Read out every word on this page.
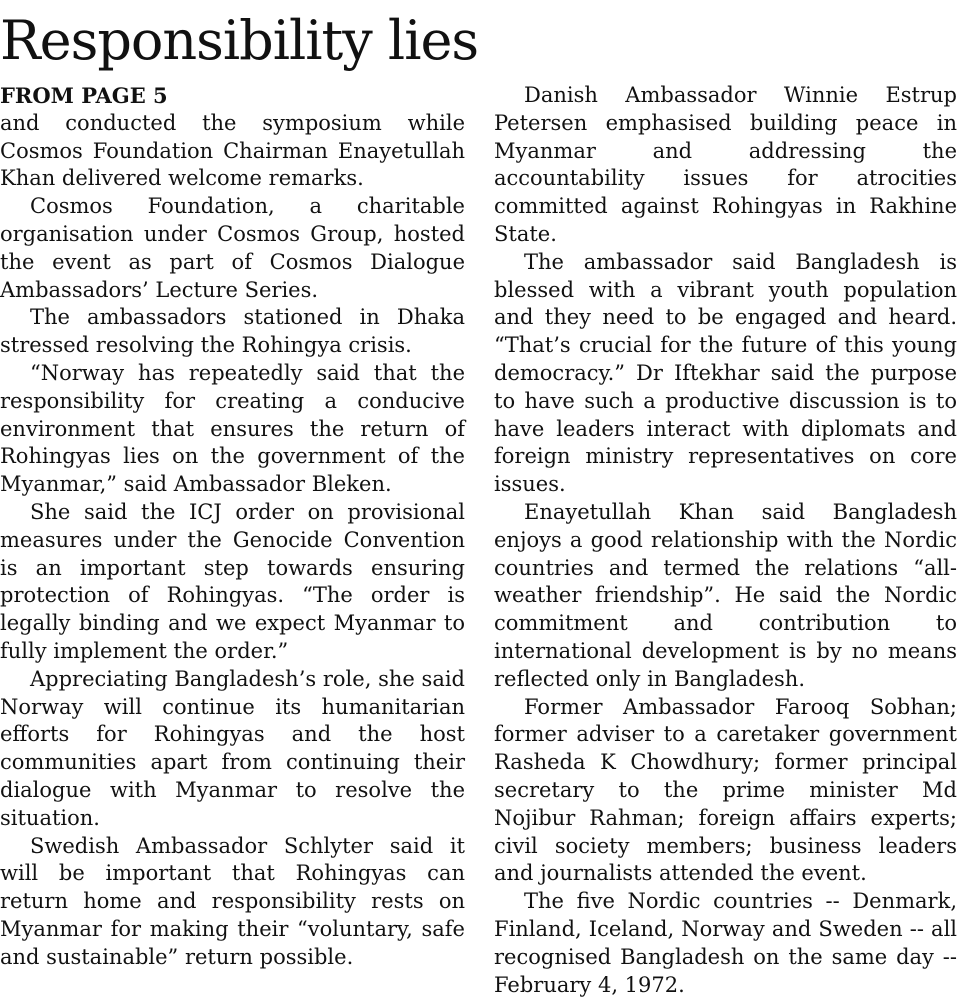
Responsibility lies
FROM PAGE 5

and conducted the symposium while Cosmos Foundation Chairman Enayetullah Khan delivered welcome remarks.

Cosmos Foundation, a charitable organisation under Cosmos Group, hosted the event as part of Cosmos Dialogue Ambassadors’ Lecture Series.

The ambassadors stationed in Dhaka stressed resolving the Rohingya crisis.

“Norway has repeatedly said that the responsibility for creating a conducive environment that ensures the return of Rohingyas lies on the government of the Myanmar,” said Ambassador Bleken.

She said the ICJ order on provisional measures under the Genocide Convention is an important step towards ensuring protection of Rohingyas. “The order is legally binding and we expect Myanmar to fully implement the order.”

Appreciating Bangladesh’s role, she said Norway will continue its humanitarian efforts for Rohingyas and the host communities apart from continuing their dialogue with Myanmar to resolve the situation.

Swedish Ambassador Schlyter said it will be important that Rohingyas can return home and responsibility rests on Myanmar for making their “voluntary, safe and sustainable” return possible.

Danish Ambassador Winnie Estrup Petersen emphasised building peace in Myanmar and addressing the accountability issues for atrocities committed against Rohingyas in Rakhine State.

The ambassador said Bangladesh is blessed with a vibrant youth population and they need to be engaged and heard. “That’s crucial for the future of this young democracy.” Dr Iftekhar said the purpose to have such a productive discussion is to have leaders interact with diplomats and foreign ministry representatives on core issues.

Enayetullah Khan said Bangladesh enjoys a good relationship with the Nordic countries and termed the relations “all-weather friendship”. He said the Nordic commitment and contribution to international development is by no means reflected only in Bangladesh.

Former Ambassador Farooq Sobhan; former adviser to a caretaker government Rasheda K Chowdhury; former principal secretary to the prime minister Md Nojibur Rahman; foreign affairs experts; civil society members; business leaders and journalists attended the event.

The five Nordic countries -- Denmark, Finland, Iceland, Norway and Sweden -- all recognised Bangladesh on the same day -- February 4, 1972.
